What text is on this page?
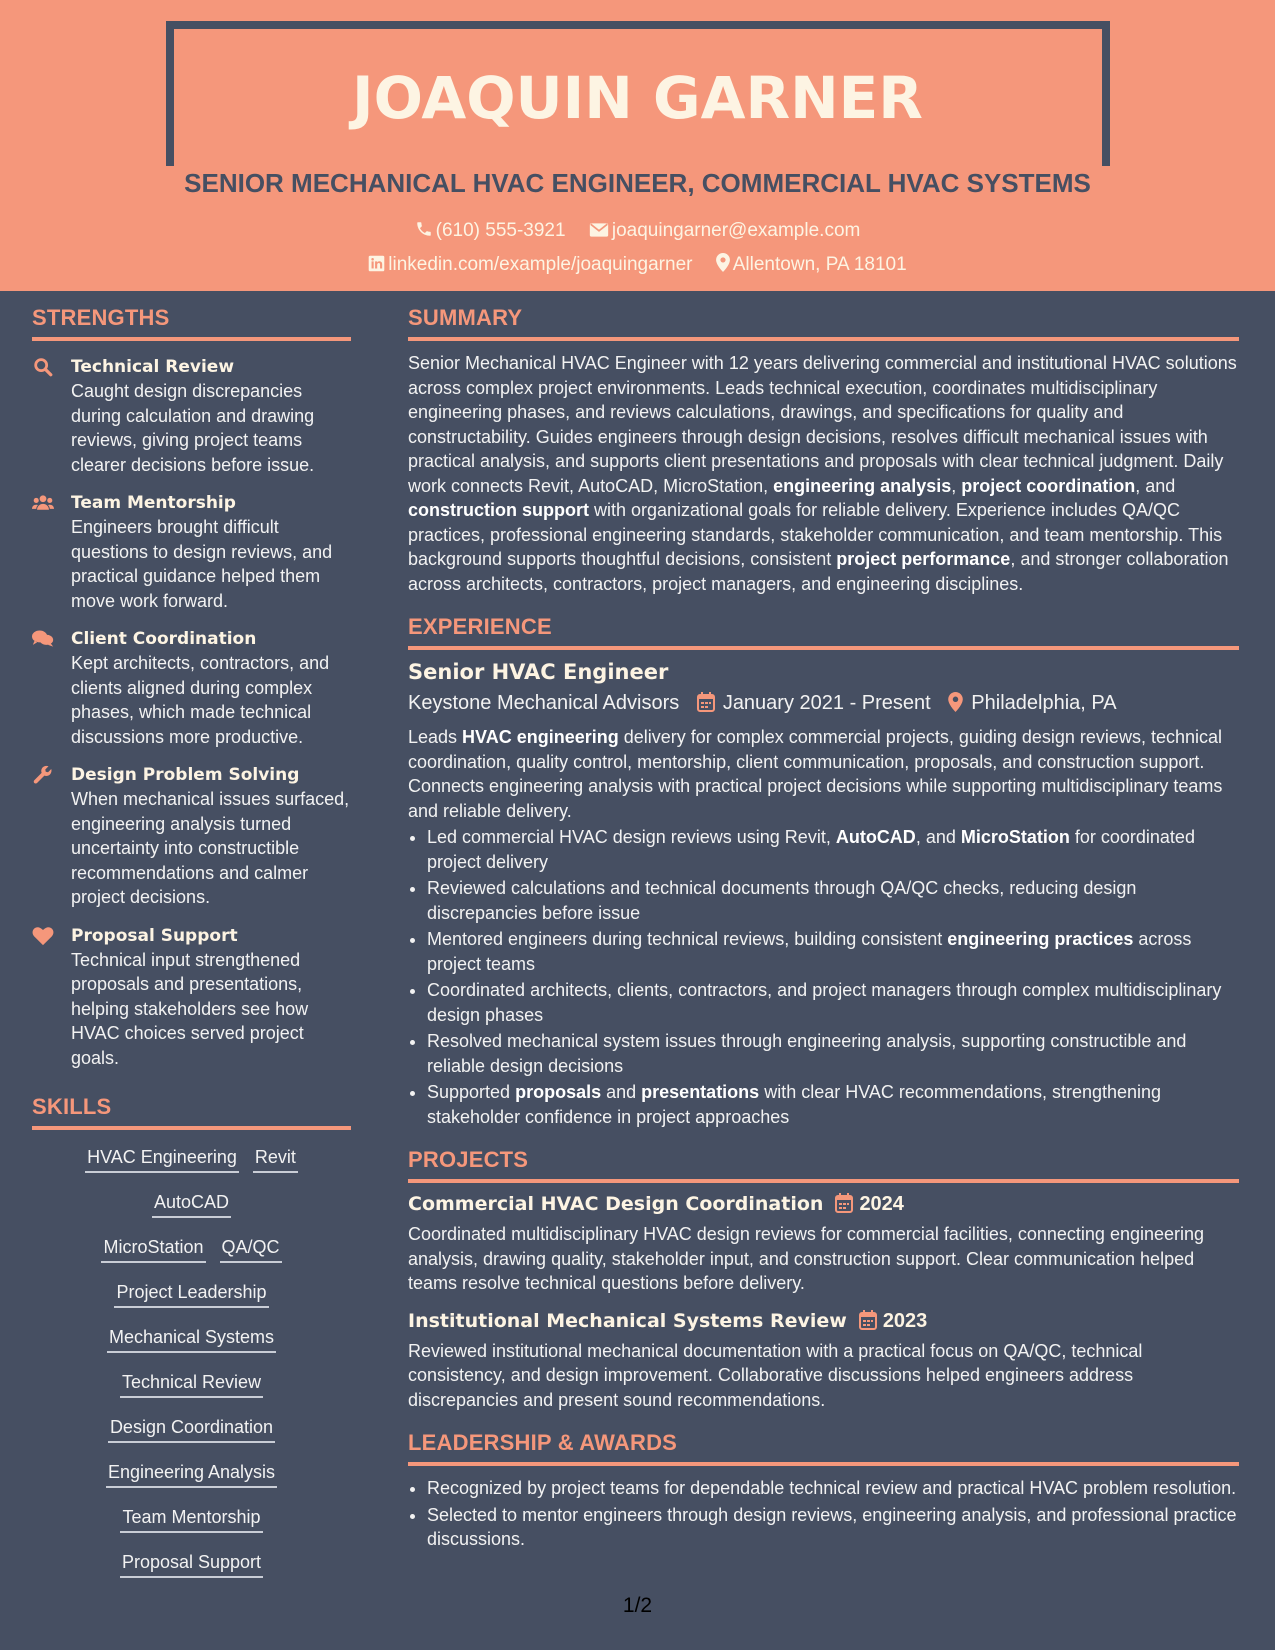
JOAQUIN GARNER
SENIOR MECHANICAL HVAC ENGINEER, COMMERCIAL HVAC SYSTEMS
(610) 555-3921 joaquingarner@example.com
linkedin.com/example/joaquingarner Allentown, PA 18101
STRENGTHS
Technical Review
Caught design discrepancies during calculation and drawing reviews, giving project teams clearer decisions before issue.
Team Mentorship
Engineers brought difficult questions to design reviews, and practical guidance helped them move work forward.
Client Coordination
Kept architects, contractors, and clients aligned during complex phases, which made technical discussions more productive.
Design Problem Solving
When mechanical issues surfaced, engineering analysis turned uncertainty into constructible recommendations and calmer project decisions.
Proposal Support
Technical input strengthened proposals and presentations, helping stakeholders see how HVAC choices served project goals.
SKILLS
HVAC Engineering RevitAutoCAD
MicroStation QA/QC
Project Leadership
Mechanical Systems
Technical Review
Design Coordination
Engineering Analysis
Team Mentorship
Proposal Support
SUMMARY

Senior Mechanical HVAC Engineer with 12 years delivering commercial and institutional HVAC solutions across complex project environments. Leads technical execution, coordinates multidisciplinary engineering phases, and reviews calculations, drawings, and specifications for quality and constructability. Guides engineers through design decisions, resolves difficult mechanical issues with practical analysis, and supports client presentations and proposals with clear technical judgment. Daily work connects Revit, AutoCAD, MicroStation, engineering analysis, project coordination, and construction support with organizational goals for reliable delivery. Experience includes QA/QC practices, professional engineering standards, stakeholder communication, and team mentorship. This background supports thoughtful decisions, consistent project performance, and stronger collaboration across architects, contractors, project managers, and engineering disciplines.

EXPERIENCE
Senior HVAC Engineer
Keystone Mechanical Advisors January 2021 - Present Philadelphia, PA

Leads HVAC engineering delivery for complex commercial projects, guiding design reviews, technical coordination, quality control, mentorship, client communication, proposals, and construction support. Connects engineering analysis with practical project decisions while supporting multidisciplinary teams and reliable delivery.

• Led commercial HVAC design reviews using Revit, AutoCAD, and MicroStation for coordinated project delivery
• Reviewed calculations and technical documents through QA/QC checks, reducing design discrepancies before issue
• Mentored engineers during technical reviews, building consistent engineering practices across project teams
• Coordinated architects, clients, contractors, and project managers through complex multidisciplinary design phases
• Resolved mechanical system issues through engineering analysis, supporting constructible and reliable design decisions
• Supported proposals and presentations with clear HVAC recommendations, strengthening stakeholder confidence in project approaches
PROJECTS
Commercial HVAC Design Coordination 2024

Coordinated multidisciplinary HVAC design reviews for commercial facilities, connecting engineering analysis, drawing quality, stakeholder input, and construction support. Clear communication helped teams resolve technical questions before delivery.

Institutional Mechanical Systems Review 2023

Reviewed institutional mechanical documentation with a practical focus on QA/QC, technical consistency, and design improvement. Collaborative discussions helped engineers address discrepancies and present sound recommendations.

LEADERSHIP & AWARDS
• Recognized by project teams for dependable technical review and practical HVAC problem resolution.
• Selected to mentor engineers through design reviews, engineering analysis, and professional practice discussions.
1/2
